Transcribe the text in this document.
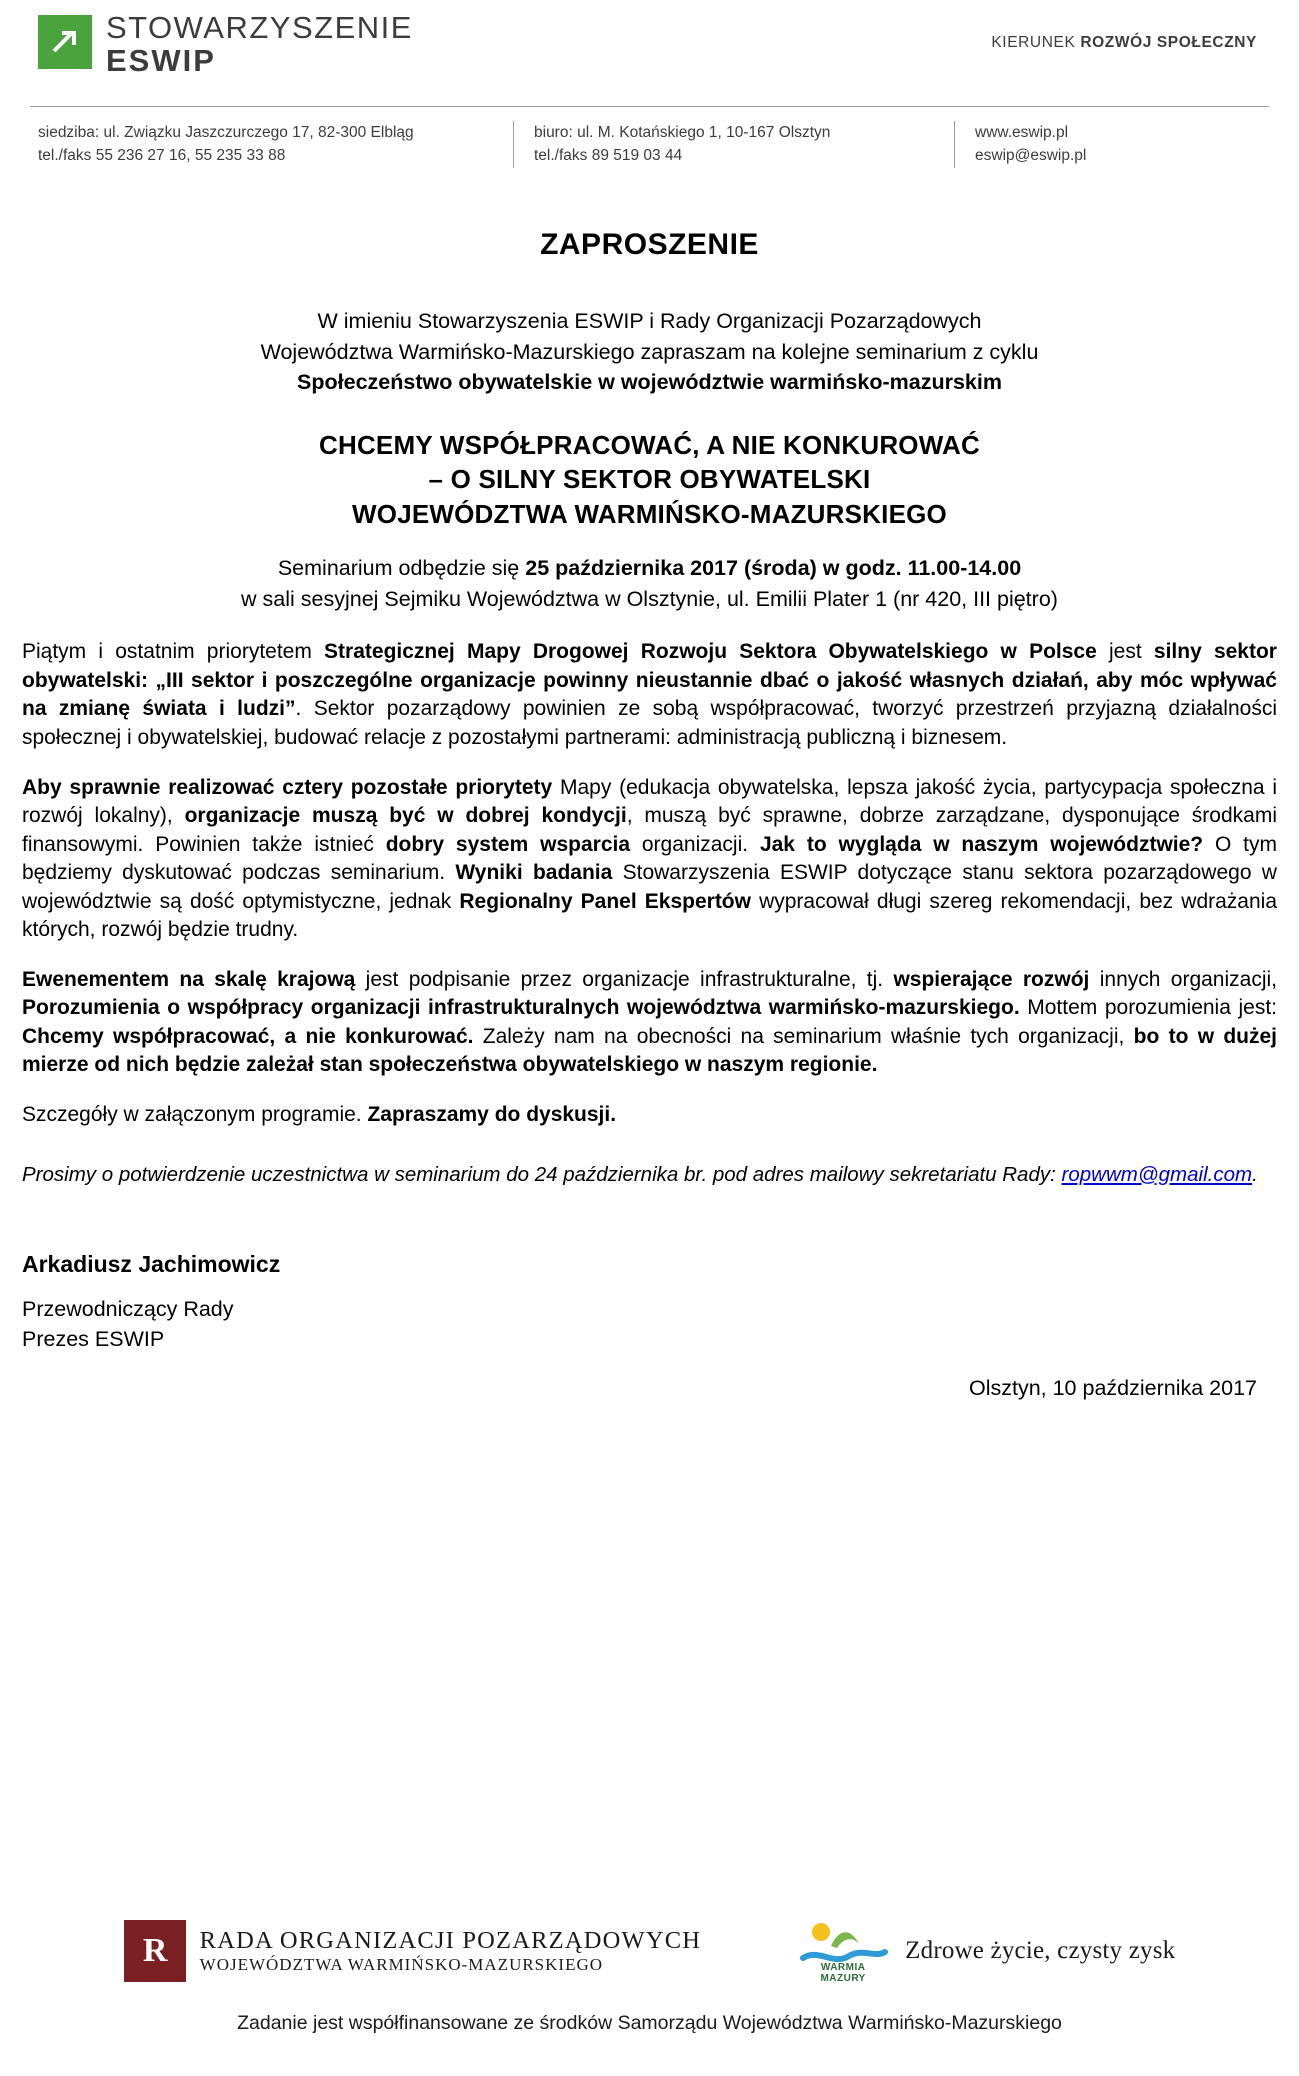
STOWARZYSZENIE
ESWIP
KIERUNEK ROZWÓJ SPOŁECZNY
siedziba: ul. Związku Jaszczurczego 17, 82-300 Elbląg
tel./faks 55 236 27 16, 55 235 33 88
biuro: ul. M. Kotańskiego 1, 10-167 Olsztyn
tel./faks 89 519 03 44
www.eswip.pl
eswip@eswip.pl
ZAPROSZENIE
W imieniu Stowarzyszenia ESWIP i Rady Organizacji Pozarządowych
Województwa Warmińsko-Mazurskiego zapraszam na kolejne seminarium z cyklu
Społeczeństwo obywatelskie w województwie warmińsko-mazurskim
CHCEMY WSPÓŁPRACOWAĆ, A NIE KONKUROWAĆ
– O SILNY SEKTOR OBYWATELSKI
WOJEWÓDZTWA WARMIŃSKO-MAZURSKIEGO
Seminarium odbędzie się 25 października 2017 (środa) w godz. 11.00-14.00
w sali sesyjnej Sejmiku Województwa w Olsztynie, ul. Emilii Plater 1 (nr 420, III piętro)

Piątym i ostatnim priorytetem Strategicznej Mapy Drogowej Rozwoju Sektora Obywatelskiego w Polsce jest silny sektor obywatelski: „III sektor i poszczególne organizacje powinny nieustannie dbać o jakość własnych działań, aby móc wpływać na zmianę świata i ludzi”. Sektor pozarządowy powinien ze sobą współpracować, tworzyć przestrzeń przyjazną działalności społecznej i obywatelskiej, budować relacje z pozostałymi partnerami: administracją publiczną i biznesem.

Aby sprawnie realizować cztery pozostałe priorytety Mapy (edukacja obywatelska, lepsza jakość życia, partycypacja społeczna i rozwój lokalny), organizacje muszą być w dobrej kondycji, muszą być sprawne, dobrze zarządzane, dysponujące środkami finansowymi. Powinien także istnieć dobry system wsparcia organizacji. Jak to wygląda w naszym województwie? O tym będziemy dyskutować podczas seminarium. Wyniki badania Stowarzyszenia ESWIP dotyczące stanu sektora pozarządowego w województwie są dość optymistyczne, jednak Regionalny Panel Ekspertów wypracował długi szereg rekomendacji, bez wdrażania których, rozwój będzie trudny.

Ewenementem na skalę krajową jest podpisanie przez organizacje infrastrukturalne, tj. wspierające rozwój innych organizacji, Porozumienia o współpracy organizacji infrastrukturalnych województwa warmińsko-mazurskiego. Mottem porozumienia jest: Chcemy współpracować, a nie konkurować. Zależy nam na obecności na seminarium właśnie tych organizacji, bo to w dużej mierze od nich będzie zależał stan społeczeństwa obywatelskiego w naszym regionie.

Szczegóły w załączonym programie. Zapraszamy do dyskusji.

Prosimy o potwierdzenie uczestnictwa w seminarium do 24 października br. pod adres mailowy sekretariatu Rady: ropwwm@gmail.com.

Arkadiusz Jachimowicz
Przewodniczący Rady
Prezes ESWIP
Olsztyn, 10 października 2017
R RADA ORGANIZACJI POZARZĄDOWYCH
WOJEWÓDZTWA WARMIŃSKO-MAZURSKIEGO	WARMIA
MAZURY
Zdrowe życie, czysty zysk
Zadanie jest współfinansowane ze środków Samorządu Województwa Warmińsko-Mazurskiego
